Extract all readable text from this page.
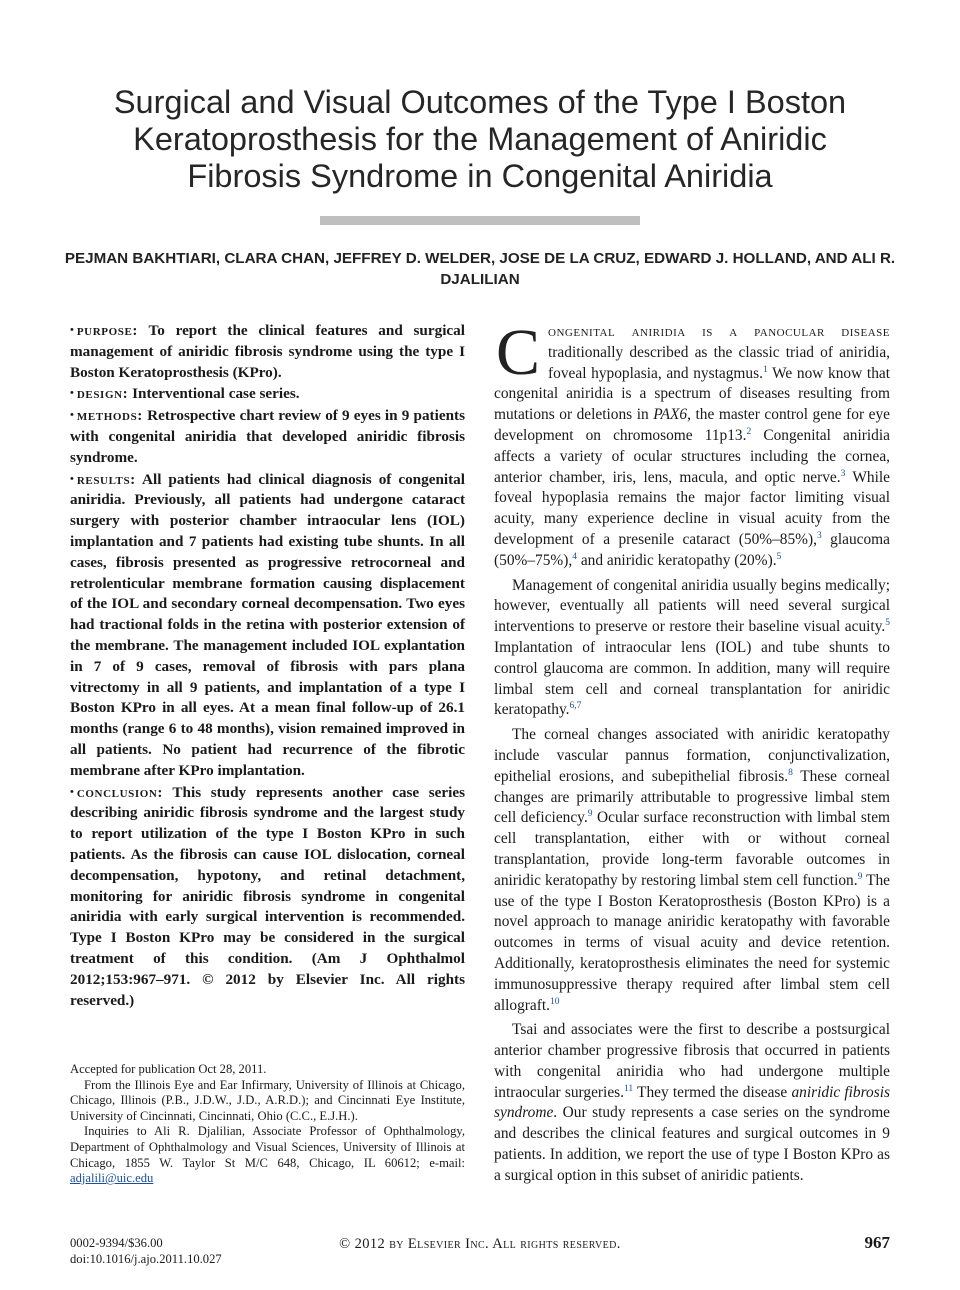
Surgical and Visual Outcomes of the Type I Boston Keratoprosthesis for the Management of Aniridic Fibrosis Syndrome in Congenital Aniridia
PEJMAN BAKHTIARI, CLARA CHAN, JEFFREY D. WELDER, JOSE DE LA CRUZ, EDWARD J. HOLLAND, AND ALI R. DJALILIAN

• purpose: To report the clinical features and surgical management of aniridic fibrosis syndrome using the type I Boston Keratoprosthesis (KPro).

• design: Interventional case series.

• methods: Retrospective chart review of 9 eyes in 9 patients with congenital aniridia that developed aniridic fibrosis syndrome.

• results: All patients had clinical diagnosis of congenital aniridia. Previously, all patients had undergone cataract surgery with posterior chamber intraocular lens (IOL) implantation and 7 patients had existing tube shunts. In all cases, fibrosis presented as progressive retrocorneal and retrolenticular membrane formation causing displacement of the IOL and secondary corneal decompensation. Two eyes had tractional folds in the retina with posterior extension of the membrane. The management included IOL explantation in 7 of 9 cases, removal of fibrosis with pars plana vitrectomy in all 9 patients, and implantation of a type I Boston KPro in all eyes. At a mean final follow-up of 26.1 months (range 6 to 48 months), vision remained improved in all patients. No patient had recurrence of the fibrotic membrane after KPro implantation.

• conclusion: This study represents another case series describing aniridic fibrosis syndrome and the largest study to report utilization of the type I Boston KPro in such patients. As the fibrosis can cause IOL dislocation, corneal decompensation, hypotony, and retinal detachment, monitoring for aniridic fibrosis syndrome in congenital aniridia with early surgical intervention is recommended. Type I Boston KPro may be considered in the surgical treatment of this condition. (Am J Ophthalmol 2012;153:967–971. © 2012 by Elsevier Inc. All rights reserved.)

Accepted for publication Oct 28, 2011.

From the Illinois Eye and Ear Infirmary, University of Illinois at Chicago, Chicago, Illinois (P.B., J.D.W., J.D., A.R.D.); and Cincinnati Eye Institute, University of Cincinnati, Cincinnati, Ohio (C.C., E.J.H.).

Inquiries to Ali R. Djalilian, Associate Professor of Ophthalmology, Department of Ophthalmology and Visual Sciences, University of Illinois at Chicago, 1855 W. Taylor St M/C 648, Chicago, IL 60612; e-mail: adjalili@uic.edu

Congenital aniridia is a panocular disease traditionally described as the classic triad of aniridia, foveal hypoplasia, and nystagmus.$^1$ We now know that congenital aniridia is a spectrum of diseases resulting from mutations or deletions in PAX6, the master control gene for eye development on chromosome 11p13.$^2$ Congenital aniridia affects a variety of ocular structures including the cornea, anterior chamber, iris, lens, macula, and optic nerve.$^3$ While foveal hypoplasia remains the major factor limiting visual acuity, many experience decline in visual acuity from the development of a presenile cataract (50%–85%),$^3$ glaucoma (50%–75%),$^4$ and aniridic keratopathy (20%).$^5$

Management of congenital aniridia usually begins medically; however, eventually all patients will need several surgical interventions to preserve or restore their baseline visual acuity.$^5$ Implantation of intraocular lens (IOL) and tube shunts to control glaucoma are common. In addition, many will require limbal stem cell and corneal transplantation for aniridic keratopathy.$^{6,7}$

The corneal changes associated with aniridic keratopathy include vascular pannus formation, conjunctivalization, epithelial erosions, and subepithelial fibrosis.$^8$ These corneal changes are primarily attributable to progressive limbal stem cell deficiency.$^9$ Ocular surface reconstruction with limbal stem cell transplantation, either with or without corneal transplantation, provide long-term favorable outcomes in aniridic keratopathy by restoring limbal stem cell function.$^9$ The use of the type I Boston Keratoprosthesis (Boston KPro) is a novel approach to manage aniridic keratopathy with favorable outcomes in terms of visual acuity and device retention. Additionally, keratoprosthesis eliminates the need for systemic immunosuppressive therapy required after limbal stem cell allograft.$^{10}$

Tsai and associates were the first to describe a postsurgical anterior chamber progressive fibrosis that occurred in patients with congenital aniridia who had undergone multiple intraocular surgeries.$^{11}$ They termed the disease aniridic fibrosis syndrome. Our study represents a case series on the syndrome and describes the clinical features and surgical outcomes in 9 patients. In addition, we report the use of type I Boston KPro as a surgical option in this subset of aniridic patients.

0002-9394/$36.00
doi:10.1016/j.ajo.2011.10.027
© 2012 by Elsevier Inc. All rights reserved.	967
